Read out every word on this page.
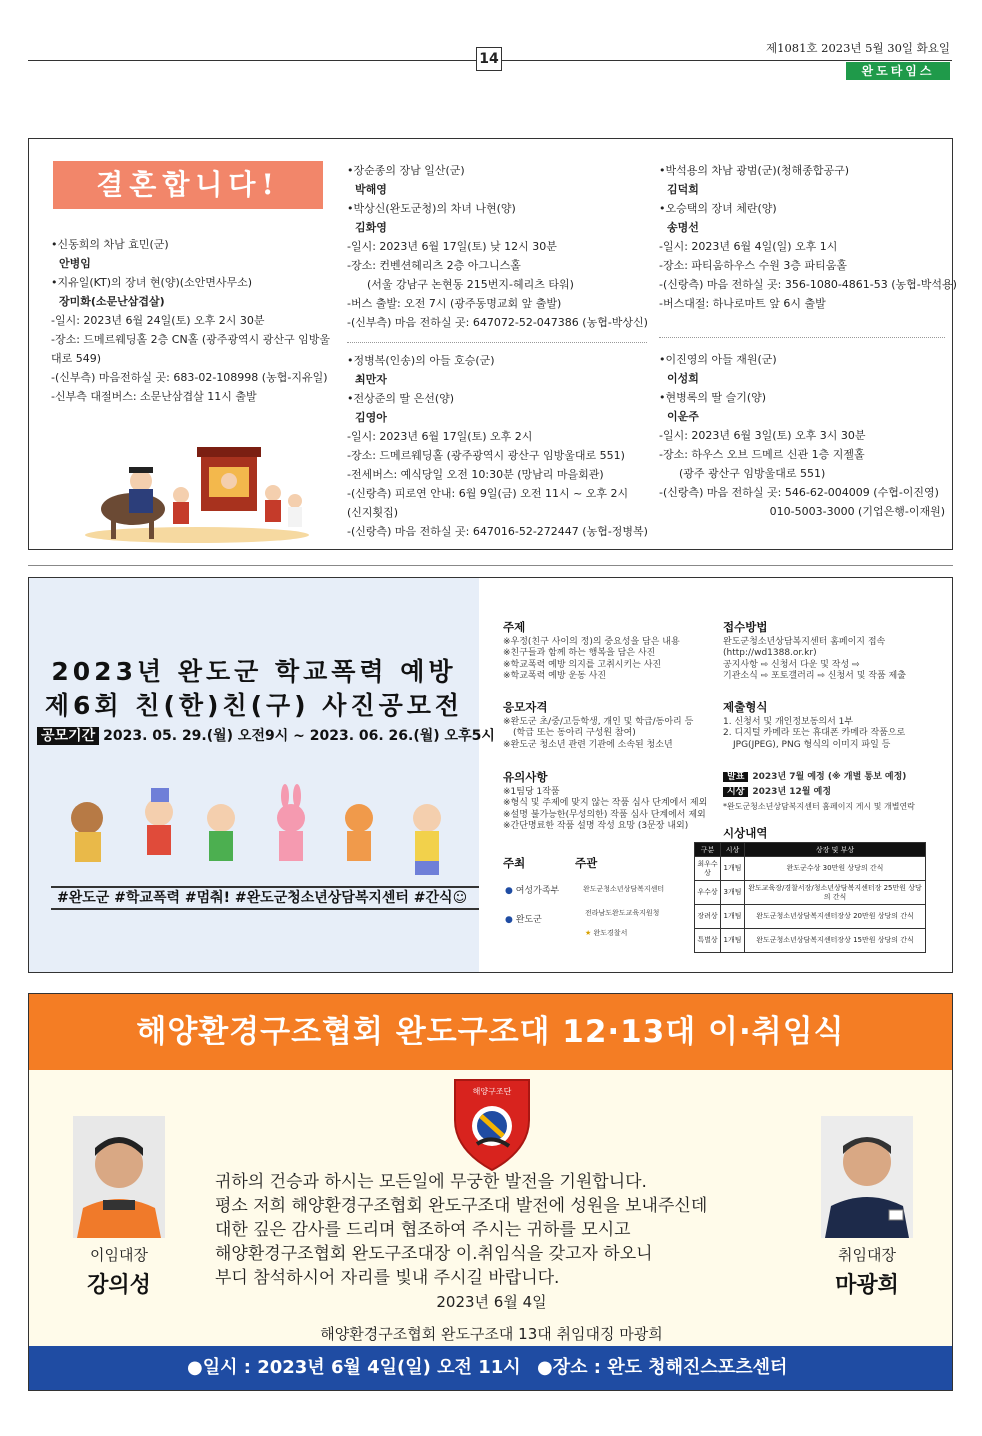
제1081호 2023년 5월 30일 화요일
14
완도타임스
결혼합니다!
•신동희의 차남 효민(군)
안병임
•지유일(KT)의 장녀 현(양)(소안면사무소)
장미화(소문난삼겹살)
-일시: 2023년 6월 24일(토) 오후 2시 30분
-장소: 드메르웨딩홀 2층 CN홀 (광주광역시 광산구 임방울
대로 549)
-(신부측) 마음전하실 곳: 683-02-108998 (농협-지유일)
-신부측 대절버스: 소문난삼겹살 11시 출발
•장순종의 장남 일산(군)
박해영
•박상신(완도군청)의 차녀 나현(양)
김화영
-일시: 2023년 6월 17일(토) 낮 12시 30분
-장소: 컨벤션헤리츠 2층 아그니스홀
(서울 강남구 논현동 215번지-헤리츠 타워)
-버스 출발: 오전 7시 (광주동명교회 앞 출발)
-(신부측) 마음 전하실 곳: 647072-52-047386 (농협-박상신)
•정병복(인송)의 아들 호승(군)
최만자
•전상준의 딸 은선(양)
김영아
-일시: 2023년 6월 17일(토) 오후 2시
-장소: 드메르웨딩홀 (광주광역시 광산구 임방울대로 551)
-전세버스: 예식당일 오전 10:30분 (망남리 마을회관)
-(신랑측) 피로연 안내: 6월 9일(금) 오전 11시 ~ 오후 2시
(신지횟집)
-(신랑측) 마음 전하실 곳: 647016-52-272447 (농협-정병복)
•박석용의 차남 광범(군)(청해종합공구)
김덕희
•오승택의 장녀 체란(양)
송명선
-일시: 2023년 6월 4일(일) 오후 1시
-장소: 파티움하우스 수원 3층 파티움홀
-(신랑측) 마음 전하실 곳: 356-1080-4861-53 (농협-박석용)
-버스대절: 하나로마트 앞 6시 출발
•이진영의 아들 재원(군)
이성희
•현병록의 딸 슬기(양)
이운주
-일시: 2023년 6월 3일(토) 오후 3시 30분
-장소: 하우스 오브 드메르 신관 1층 지젤홀
(광주 광산구 임방울대로 551)
-(신랑측) 마음 전하실 곳: 546-62-004009 (수협-이진영)
010-5003-3000 (기업은행-이재원)
2023년 완도군 학교폭력 예방
제6회 친(한)친(구) 사진공모전
공모기간 2023. 05. 29.(월) 오전9시 ~ 2023. 06. 26.(월) 오후5시
#완도군 #학교폭력 #멈춰! #완도군청소년상담복지센터 #간식☺
주제
※우정(친구 사이의 정)의 중요성을 담은 내용
※친구들과 함께 하는 행복을 담은 사진
※학교폭력 예방 의지를 고취시키는 사진
※학교폭력 예방 운동 사진
응모자격
※완도군 초/중/고등학생, 개인 및 학급/동아리 등
(학급 또는 동아리 구성원 참여)
※완도군 청소년 관련 기관에 소속된 청소년
유의사항
※1팀당 1작품
※형식 및 주제에 맞지 않는 작품 심사 단계에서 제외
※설명 불가능한(무성의한) 작품 심사 단계에서 제외
※간단명료한 작품 설명 작성 요망 (3문장 내외)
주최	주관
● 여성가족부
● 완도군
완도군청소년상담복지센터
전라남도완도교육지원청
★ 완도경찰서
접수방법
완도군청소년상담복지센터 홈페이지 접속
(http://wd1388.or.kr)
공지사항 ⇨ 신청서 다운 및 작성 ⇨
기관소식 ⇨ 포토갤러리 ⇨ 신청서 및 작품 제출
제출형식
1. 신청서 및 개인정보동의서 1부
2. 디지털 카메라 또는 휴대폰 카메라 작품으로
JPG(JPEG), PNG 형식의 이미지 파일 등
발표 2023년 7월 예정 (※ 개별 통보 예정)
시상 2023년 12월 예정
*완도군청소년상담복지센터 홈페이지 게시 및 개별연락
시상내역
구분	시상	상장 및 부상
최우수상	1개팀	완도군수상 30만원 상당의 간식
우수상	3개팀	완도교육장/경찰서장/청소년상담복지센터장 25만원 상당의 간식
장려상	1개팀	완도군청소년상담복지센터장상 20만원 상당의 간식
특별상	1개팀	완도군청소년상담복지센터장상 15만원 상당의 간식
해양환경구조협회 완도구조대 12·13대 이·취임식
해양구조단
이임대장
강의성
취임대장
마광희
귀하의 건승과 하시는 모든일에 무궁한 발전을 기원합니다.
평소 저희 해양환경구조협회 완도구조대 발전에 성원을 보내주신데
대한 깊은 감사를 드리며 협조하여 주시는 귀하를 모시고
해양환경구조협회 완도구조대장 이.취임식을 갖고자 하오니
부디 참석하시어 자리를 빛내 주시길 바랍니다.
2023년 6월 4일
해양환경구조협회 완도구조대 13대 취임대징 마광희
●일시 : 2023년 6월 4일(일) 오전 11시 ●장소 : 완도 청해진스포츠센터
